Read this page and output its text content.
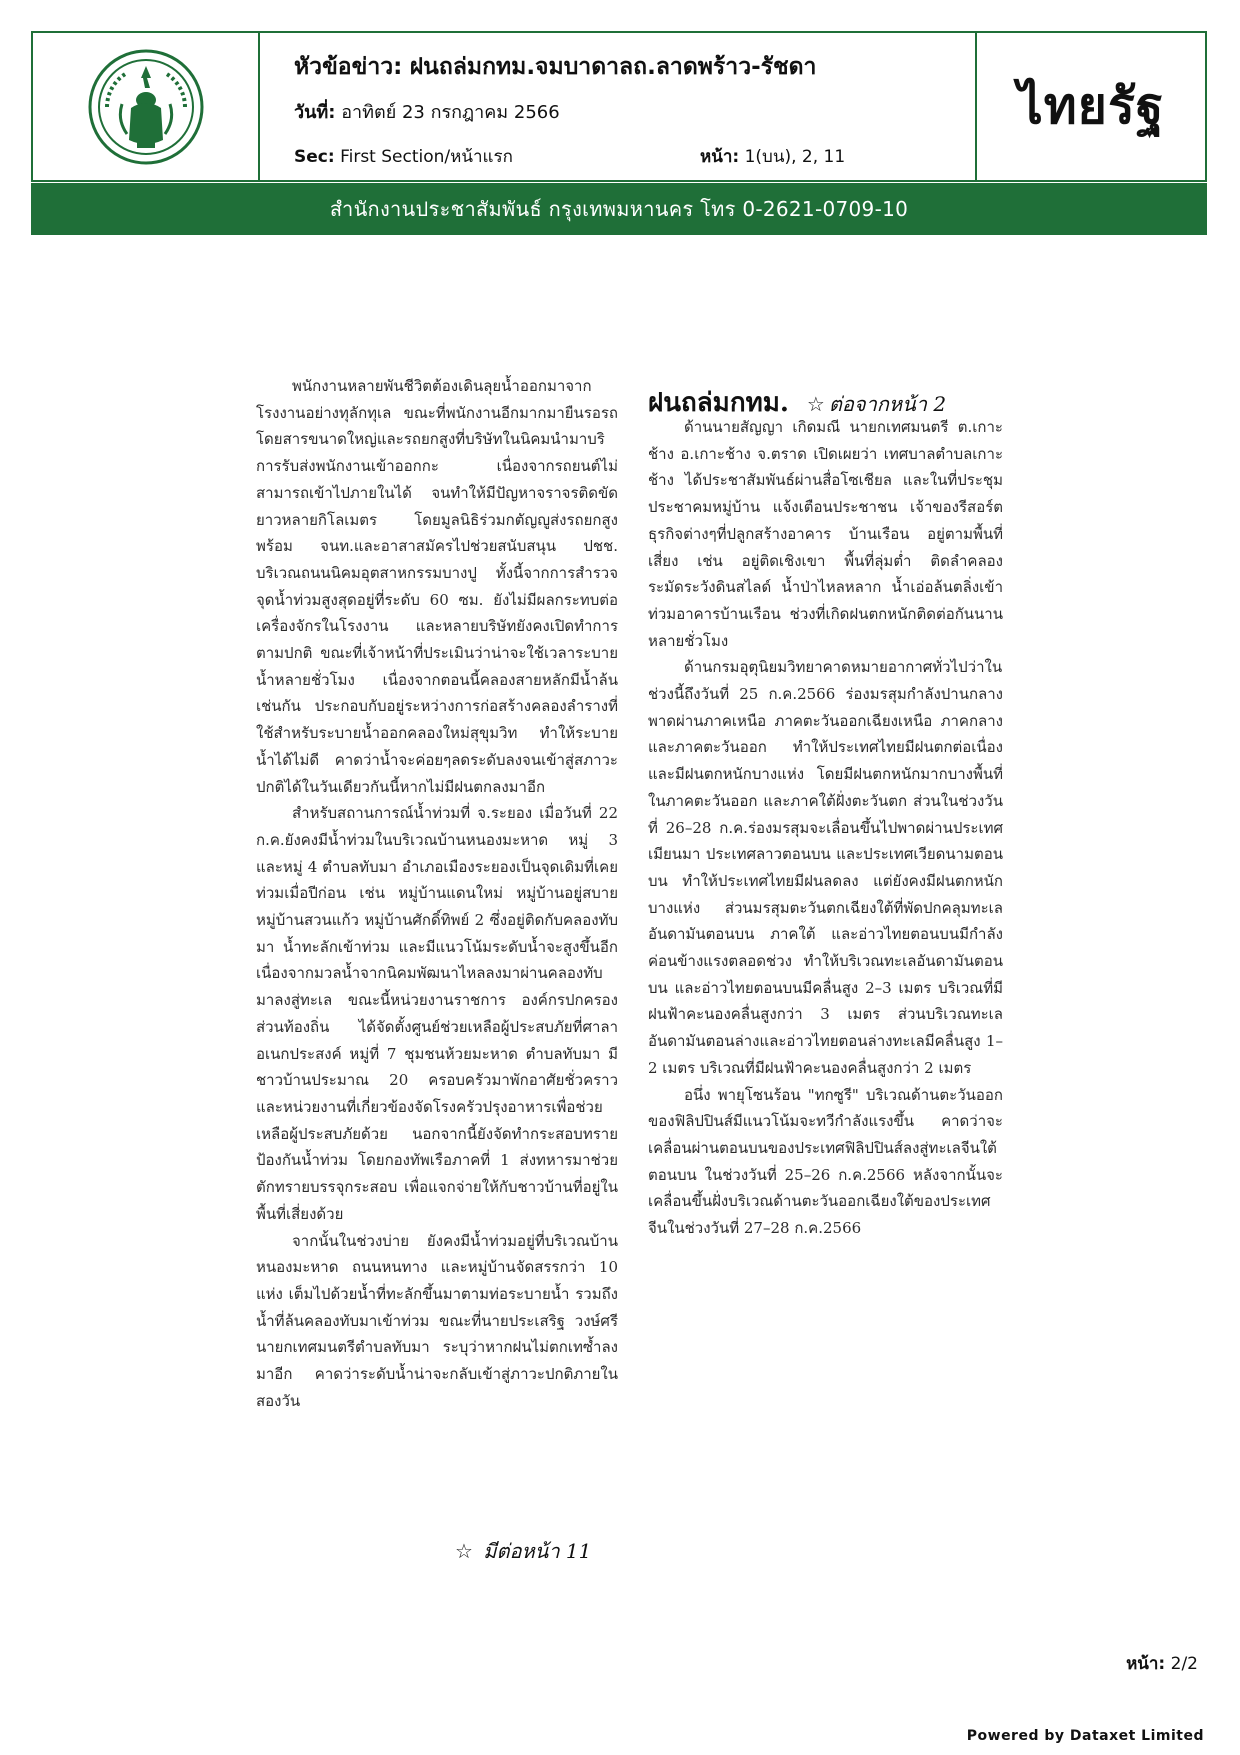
หัวข้อข่าว: ฝนถล่มกทม.จมบาดาลถ.ลาดพร้าว-รัชดา
วันที่: อาทิตย์ 23 กรกฎาคม 2566
Sec: First Section/หน้าแรก	หน้า: 1(บน), 2, 11
ไทยรัฐ
สำนักงานประชาสัมพันธ์ กรุงเทพมหานคร โทร 0-2621-0709-10

พนักงานหลายพันชีวิตต้องเดินลุยน้ำออกมาจากโรงงานอย่างทุลักทุเล ขณะที่พนักงานอีกมากมายืนรอรถโดยสารขนาดใหญ่และรถยกสูงที่บริษัทในนิคมนำมาบริการรับส่งพนักงานเข้าออกกะ เนื่องจากรถยนต์ไม่สามารถเข้าไปภายในได้ จนทำให้มีปัญหาจราจรติดขัดยาวหลายกิโลเมตร โดยมูลนิธิร่วมกตัญญูส่งรถยกสูงพร้อม จนท.และอาสาสมัครไปช่วยสนับสนุน ปชช. บริเวณถนนนิคมอุตสาหกรรมบางปู ทั้งนี้จากการสำรวจจุดน้ำท่วมสูงสุดอยู่ที่ระดับ 60 ซม. ยังไม่มีผลกระทบต่อเครื่องจักรในโรงงาน และหลายบริษัทยังคงเปิดทำการตามปกติ ขณะที่เจ้าหน้าที่ประเมินว่าน่าจะใช้เวลาระบายน้ำหลายชั่วโมง เนื่องจากตอนนี้คลองสายหลักมีน้ำล้นเช่นกัน ประกอบกับอยู่ระหว่างการก่อสร้างคลองลำรางที่ใช้สำหรับระบายน้ำออกคลองใหม่สุขุมวิท ทำให้ระบายน้ำได้ไม่ดี คาดว่าน้ำจะค่อยๆลดระดับลงจนเข้าสู่สภาวะปกติได้ในวันเดียวกันนี้หากไม่มีฝนตกลงมาอีก

สำหรับสถานการณ์น้ำท่วมที่ จ.ระยอง เมื่อวันที่ 22 ก.ค.ยังคงมีน้ำท่วมในบริเวณบ้านหนองมะหาด หมู่ 3 และหมู่ 4 ตำบลทับมา อำเภอเมืองระยองเป็นจุดเดิมที่เคยท่วมเมื่อปีก่อน เช่น หมู่บ้านแดนใหม่ หมู่บ้านอยู่สบายหมู่บ้านสวนแก้ว หมู่บ้านศักดิ์ทิพย์ 2 ซึ่งอยู่ติดกับคลองทับมา น้ำทะลักเข้าท่วม และมีแนวโน้มระดับน้ำจะสูงขึ้นอีก เนื่องจากมวลน้ำจากนิคมพัฒนาไหลลงมาผ่านคลองทับมาลงสู่ทะเล ขณะนี้หน่วยงานราชการ องค์กรปกครองส่วนท้องถิ่น ได้จัดตั้งศูนย์ช่วยเหลือผู้ประสบภัยที่ศาลาอเนกประสงค์ หมู่ที่ 7 ชุมชนห้วยมะหาด ตำบลทับมา มีชาวบ้านประมาณ 20 ครอบครัวมาพักอาศัยชั่วคราว และหน่วยงานที่เกี่ยวข้องจัดโรงครัวปรุงอาหารเพื่อช่วยเหลือผู้ประสบภัยด้วย นอกจากนี้ยังจัดทำกระสอบทรายป้องกันน้ำท่วม โดยกองทัพเรือภาคที่ 1 ส่งทหารมาช่วยตักทรายบรรจุกระสอบ เพื่อแจกจ่ายให้กับชาวบ้านที่อยู่ในพื้นที่เสี่ยงด้วย

จากนั้นในช่วงบ่าย ยังคงมีน้ำท่วมอยู่ที่บริเวณบ้านหนองมะหาด ถนนหนทาง และหมู่บ้านจัดสรรกว่า 10 แห่ง เต็มไปด้วยน้ำที่ทะลักขึ้นมาตามท่อระบายน้ำ รวมถึงน้ำที่ล้นคลองทับมาเข้าท่วม ขณะที่นายประเสริฐ วงษ์ศรี นายกเทศมนตรีตำบลทับมา ระบุว่าหากฝนไม่ตกเทซ้ำลงมาอีก คาดว่าระดับน้ำน่าจะกลับเข้าสู่ภาวะปกติภายในสองวัน

ฝนถล่มกทม. ☆ ต่อจากหน้า 2

ด้านนายสัญญา เกิดมณี นายกเทศมนตรี ต.เกาะช้าง อ.เกาะช้าง จ.ตราด เปิดเผยว่า เทศบาลตำบลเกาะช้าง ได้ประชาสัมพันธ์ผ่านสื่อโซเชียล และในที่ประชุมประชาคมหมู่บ้าน แจ้งเตือนประชาชน เจ้าของรีสอร์ต ธุรกิจต่างๆที่ปลูกสร้างอาคาร บ้านเรือน อยู่ตามพื้นที่เสี่ยง เช่น อยู่ติดเชิงเขา พื้นที่ลุ่มต่ำ ติดลำคลอง ระมัดระวังดินสไลด์ น้ำป่าไหลหลาก น้ำเอ่อล้นตลิ่งเข้าท่วมอาคารบ้านเรือน ช่วงที่เกิดฝนตกหนักติดต่อกันนานหลายชั่วโมง

ด้านกรมอุตุนิยมวิทยาคาดหมายอากาศทั่วไปว่าในช่วงนี้ถึงวันที่ 25 ก.ค.2566 ร่องมรสุมกำลังปานกลางพาดผ่านภาคเหนือ ภาคตะวันออกเฉียงเหนือ ภาคกลาง และภาคตะวันออก ทำให้ประเทศไทยมีฝนตกต่อเนื่องและมีฝนตกหนักบางแห่ง โดยมีฝนตกหนักมากบางพื้นที่ในภาคตะวันออก และภาคใต้ฝั่งตะวันตก ส่วนในช่วงวันที่ 26–28 ก.ค.ร่องมรสุมจะเลื่อนขึ้นไปพาดผ่านประเทศเมียนมา ประเทศลาวตอนบน และประเทศเวียดนามตอนบน ทำให้ประเทศไทยมีฝนลดลง แต่ยังคงมีฝนตกหนักบางแห่ง ส่วนมรสุมตะวันตกเฉียงใต้ที่พัดปกคลุมทะเลอันดามันตอนบน ภาคใต้ และอ่าวไทยตอนบนมีกำลังค่อนข้างแรงตลอดช่วง ทำให้บริเวณทะเลอันดามันตอนบน และอ่าวไทยตอนบนมีคลื่นสูง 2–3 เมตร บริเวณที่มีฝนฟ้าคะนองคลื่นสูงกว่า 3 เมตร ส่วนบริเวณทะเลอันดามันตอนล่างและอ่าวไทยตอนล่างทะเลมีคลื่นสูง 1–2 เมตร บริเวณที่มีฝนฟ้าคะนองคลื่นสูงกว่า 2 เมตร

อนึ่ง พายุโซนร้อน "ทกซูรี" บริเวณด้านตะวันออกของฟิลิปปินส์มีแนวโน้มจะทวีกำลังแรงขึ้น คาดว่าจะเคลื่อนผ่านตอนบนของประเทศฟิลิปปินส์ลงสู่ทะเลจีนใต้ตอนบน ในช่วงวันที่ 25–26 ก.ค.2566 หลังจากนั้นจะเคลื่อนขึ้นฝั่งบริเวณด้านตะวันออกเฉียงใต้ของประเทศจีนในช่วงวันที่ 27–28 ก.ค.2566

☆ มีต่อหน้า 11
หน้า: 2/2
Powered by Dataxet Limited
